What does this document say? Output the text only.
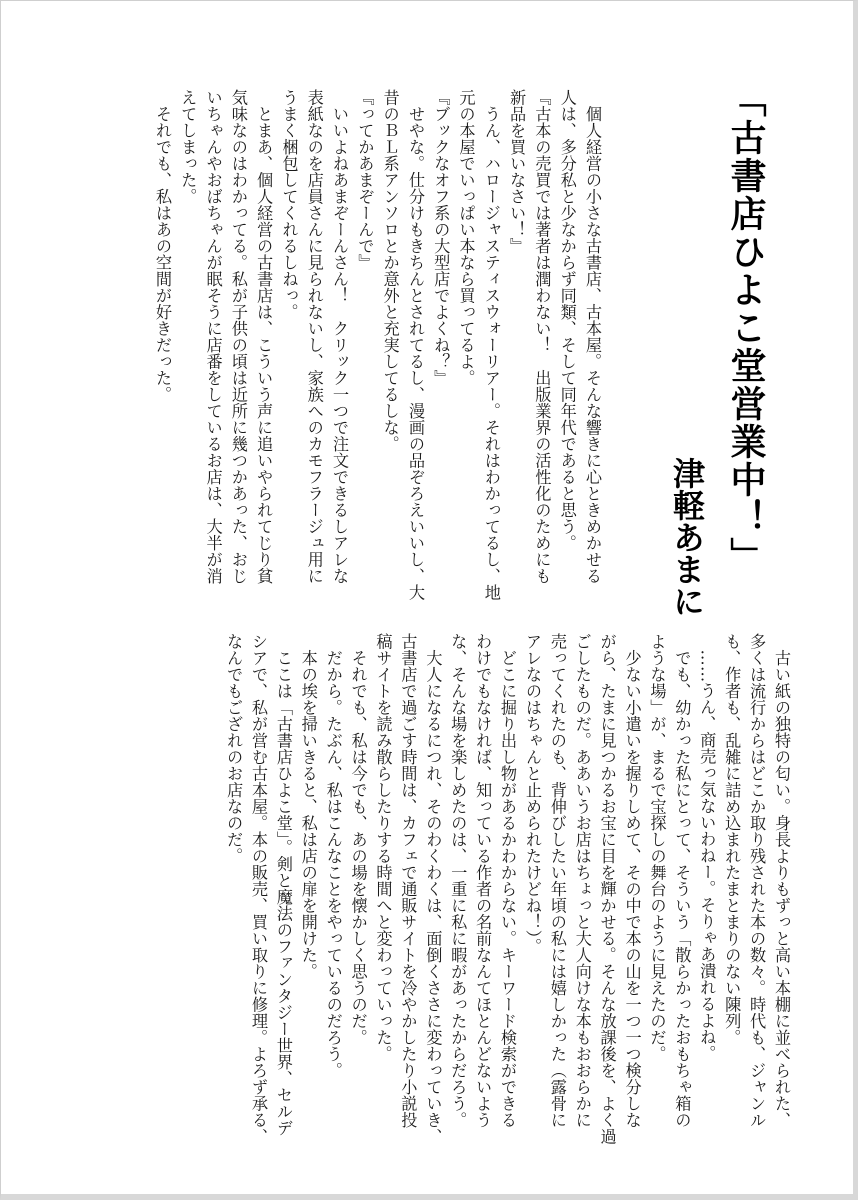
「古書店ひよこ堂営業中！」
津軽あまに

　個人経営の小さな古書店、古本屋。そんな響きに心ときめかせる

人は、多分私と少なからず同類、そして同年代であると思う。

『古本の売買では著者は潤わない！　出版業界の活性化のためにも

新品を買いなさい！』

　うん、ハロージャスティスウォーリアー。それはわかってるし、地

元の本屋でいっぱい本なら買ってるよ。

『ブックなオフ系の大型店でよくね？』

　せやな。仕分けもきちんとされてるし、漫画の品ぞろえいいし、大

昔のＢＬ系アンソロとか意外と充実してるしな。

『ってかあまぞーんで』

　いいよねあまぞーんさん！　クリック一つで注文できるしアレな

表紙なのを店員さんに見られないし、家族へのカモフラージュ用に

うまく梱包してくれるしねっ。

　とまあ、個人経営の古書店は、こういう声に追いやられてじり貧

気味なのはわかってる。私が子供の頃は近所に幾つかあった、おじ

いちゃんやおばちゃんが眠そうに店番をしているお店は、大半が消

えてしまった。

　それでも、私はあの空間が好きだった。

　古い紙の独特の匂い。身長よりもずっと高い本棚に並べられた、

多くは流行からはどこか取り残された本の数々。時代も、ジャンル

も、作者も、乱雑に詰め込まれたまとまりのない陳列。

　……うん、商売っ気ないわねー。そりゃあ潰れるよね。

　でも、幼かった私にとって、そういう「散らかったおもちゃ箱の

ような場」が、まるで宝探しの舞台のように見えたのだ。

　少ない小遣いを握りしめて、その中で本の山を一つ一つ検分しな

がら、たまに見つかるお宝に目を輝かせる。そんな放課後を、よく過

ごしたものだ。ああいうお店はちょっと大人向けな本もおおらかに

売ってくれたのも、背伸びしたい年頃の私には嬉しかった（露骨に

アレなのはちゃんと止められたけどね！）。

　どこに掘り出し物があるかわからない。キーワード検索ができる

わけでもなければ、知っている作者の名前なんてほとんどないよう

な、そんな場を楽しめたのは、一重に私に暇があったからだろう。

　大人になるにつれ、そのわくわくは、面倒くささに変わっていき、

古書店で過ごす時間は、カフェで通販サイトを冷やかしたり小説投

稿サイトを読み散らしたりする時間へと変わっていった。

　それでも、私は今でも、あの場を懐かしく思うのだ。

　だから。たぶん、私はこんなことをやっているのだろう。

　本の埃を掃いきると、私は店の扉を開けた。

　ここは「古書店ひよこ堂」。剣と魔法のファンタジー世界、セルデ

シアで、私が営む古本屋。本の販売、買い取りに修理。よろず承る、

なんでもござれのお店なのだ。
